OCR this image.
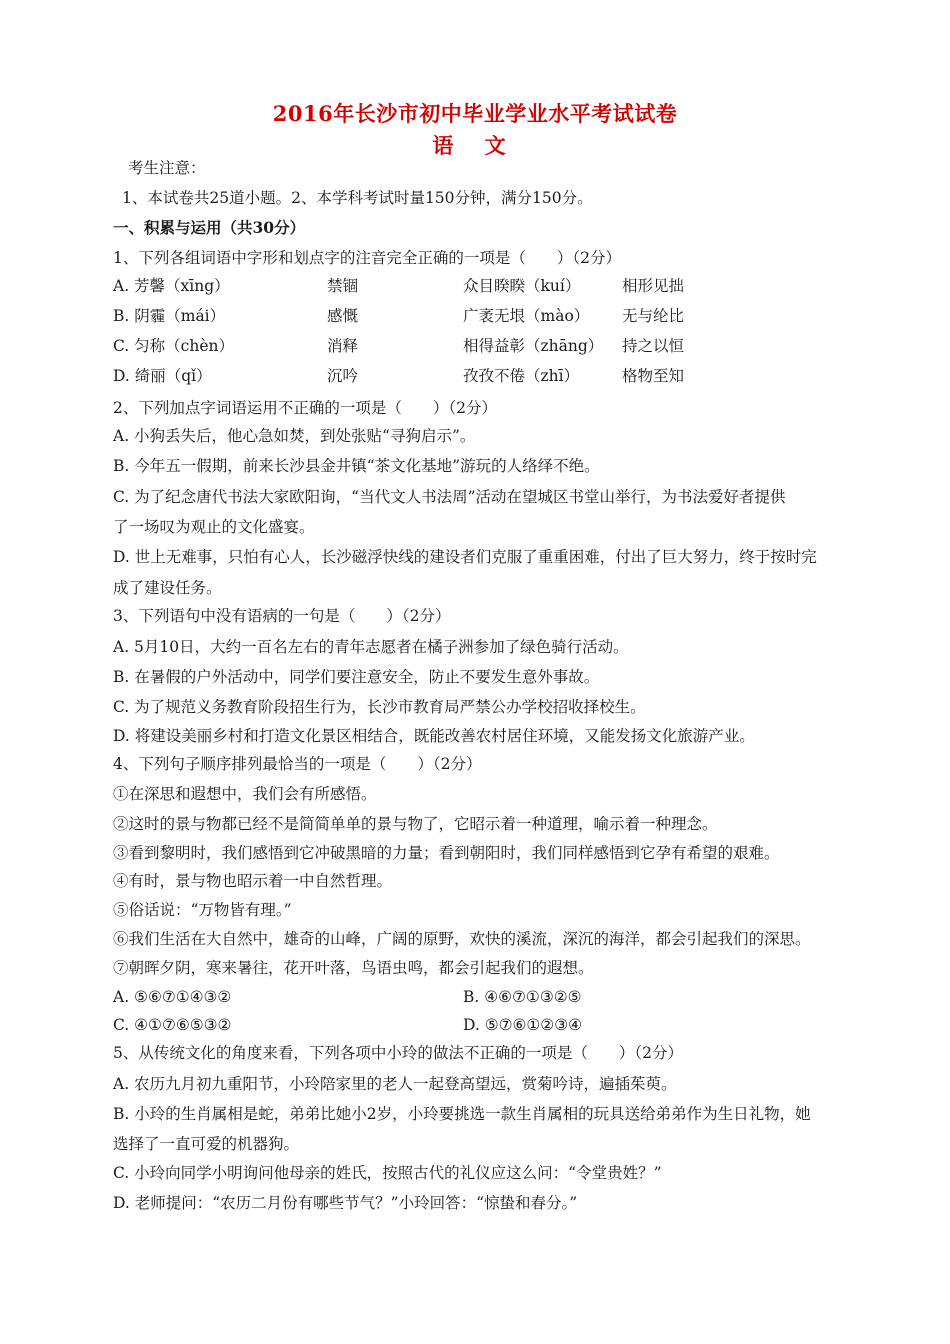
2016年长沙市初中毕业学业水平考试试卷
语 文
考生注意：
1、本试卷共25道小题。2、本学科考试时量150分钟，满分150分。
一、积累与运用（共30分）
1、下列各组词语中字形和划点字的注音完全正确的一项是（　　）（2分）
A. 芳馨（xīng）	禁锢	众目睽睽（kuí）	相形见拙
B. 阴霾（mái）	感慨	广袤无垠（mào） 无与纶比
C. 匀称（chèn）	消释	相得益彰（zhāng） 持之以恒
D. 绮丽（qǐ）	沉吟	孜孜不倦（zhī）	格物至知
2、下列加点字词语运用不正确的一项是（　　）（2分）
A. 小狗丢失后，他心急如焚，到处张贴“寻狗启示”。
B. 今年五一假期，前来长沙县金井镇“茶文化基地”游玩的人络绎不绝。
C. 为了纪念唐代书法大家欧阳询，“当代文人书法周”活动在望城区书堂山举行，为书法爱好者提供
了一场叹为观止的文化盛宴。
D. 世上无难事，只怕有心人，长沙磁浮快线的建设者们克服了重重困难，付出了巨大努力，终于按时完
成了建设任务。
3、下列语句中没有语病的一句是（　　）（2分）
A. 5月10日，大约一百名左右的青年志愿者在橘子洲参加了绿色骑行活动。
B. 在暑假的户外活动中，同学们要注意安全，防止不要发生意外事故。
C. 为了规范义务教育阶段招生行为，长沙市教育局严禁公办学校招收择校生。
D. 将建设美丽乡村和打造文化景区相结合，既能改善农村居住环境，又能发扬文化旅游产业。
4、下列句子顺序排列最恰当的一项是（　　）（2分）
①在深思和遐想中，我们会有所感悟。
②这时的景与物都已经不是简简单单的景与物了，它昭示着一种道理，喻示着一种理念。
③看到黎明时，我们感悟到它冲破黑暗的力量；看到朝阳时，我们同样感悟到它孕有希望的艰难。
④有时，景与物也昭示着一中自然哲理。
⑤俗话说：“万物皆有理。”
⑥我们生活在大自然中，雄奇的山峰，广阔的原野，欢快的溪流，深沉的海洋，都会引起我们的深思。
⑦朝晖夕阴，寒来暑往，花开叶落，鸟语虫鸣，都会引起我们的遐想。
A. ⑤⑥⑦①④③②	B. ④⑥⑦①③②⑤
C. ④①⑦⑥⑤③②	D. ⑤⑦⑥①②③④
5、从传统文化的角度来看，下列各项中小玲的做法不正确的一项是（　　）（2分）
A. 农历九月初九重阳节，小玲陪家里的老人一起登高望远，赏菊吟诗，遍插茱萸。
B. 小玲的生肖属相是蛇，弟弟比她小2岁，小玲要挑选一款生肖属相的玩具送给弟弟作为生日礼物，她
选择了一直可爱的机器狗。
C. 小玲向同学小明询问他母亲的姓氏，按照古代的礼仪应这么问：“令堂贵姓？”
D. 老师提问：“农历二月份有哪些节气？”小玲回答：“惊蛰和春分。”
